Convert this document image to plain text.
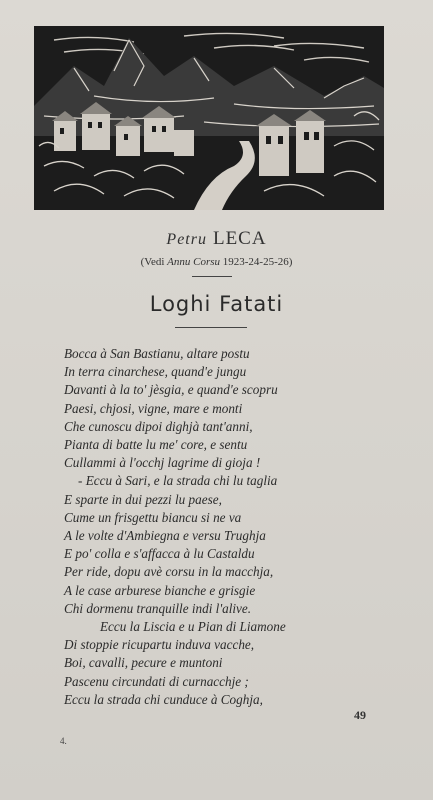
Petru LECA
(Vedi Annu Corsu 1923-24-25-26)
Loghi Fatati
Bocca à San Bastianu, altare postu
In terra cinarchese, quand'e jungu
Davanti à la to' jèsgia, e quand'e scopru
Paesi, chjosi, vigne, mare e monti
Che cunoscu dipoi dighjà tant'anni,
Pianta di batte lu me' core, e sentu
Cullammi à l'occhj lagrime di gioja !
- Eccu à Sari, e la strada chi lu taglia
E sparte in dui pezzi lu paese,
Cume un frisgettu biancu si ne va
A le volte d'Ambiegna e versu Trughja
E po' colla e s'affacca à lu Castaldu
Per ride, dopu avè corsu in la macchja,
A le case arburese bianche e grisgie
Chi dormenu tranquille indi l'alive.
Eccu la Liscia e u Pian di Liamone
Di stoppie ricupartu induva vacche,
Boi, cavalli, pecure e muntoni
Pascenu circundati di curnacchje ;
Eccu la strada chi cunduce à Coghja,
49
4.
